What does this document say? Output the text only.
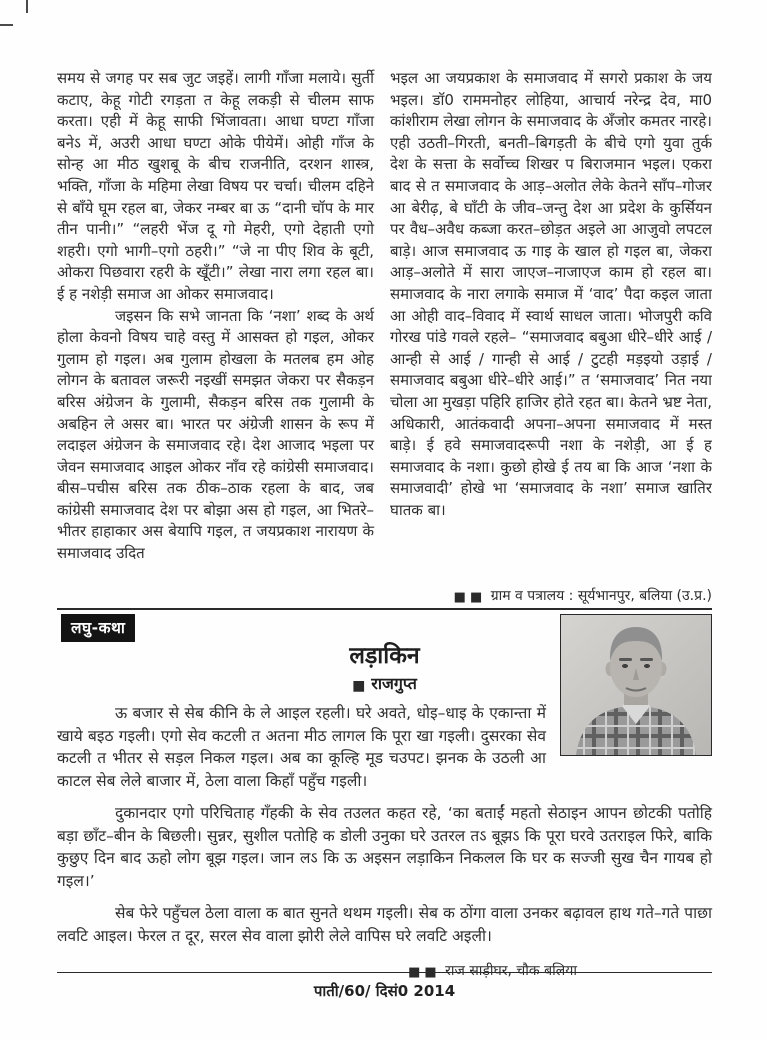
समय से जगह पर सब जुट जइहें। लागी गाँजा मलाये। सुर्ती कटाए, केहू गोटी रगड़ता त केहू लकड़ी से चीलम साफ करता। एही में केहू साफी भिंजावता। आधा घण्टा गाँजा बनेऽ में, अउरी आधा घण्टा ओके पीयेमें। ओही गाँज के सोन्ह आ मीठ खुशबू के बीच राजनीति, दरशन शास्त्र, भक्ति, गाँजा के महिमा लेखा विषय पर चर्चा। चीलम दहिने से बाँये घूम रहल बा, जेकर नम्बर बा ऊ “दानी चॉप के मार तीन पानी।” “लहरी भेंज दू गो मेहरी, एगो देहाती एगो शहरी। एगो भागी–एगो ठहरी।” “जे ना पीए शिव के बूटी, ओकरा पिछवारा रहरी के खूँटी।” लेखा नारा लगा रहल बा। ई ह नशेड़ी समाज आ ओकर समाजवाद।

जइसन कि सभे जानता कि ‘नशा’ शब्द के अर्थ होला केवनो विषय चाहे वस्तु में आसक्त हो गइल, ओकर गुलाम हो गइल। अब गुलाम होखला के मतलब हम ओह लोगन के बतावल जरूरी नइखीं समझत जेकरा पर सैकड़न बरिस अंग्रेजन के गुलामी, सैकड़न बरिस तक गुलामी के अबहिन ले असर बा। भारत पर अंग्रेजी शासन के रूप में लदाइल अंग्रेजन के समाजवाद रहे। देश आजाद भइला पर जेवन समाजवाद आइल ओकर नाँव रहे कांग्रेसी समाजवाद। बीस–पचीस बरिस तक ठीक–ठाक रहला के बाद, जब कांग्रेसी समाजवाद देश पर बोझा अस हो गइल, आ भितरे–भीतर हाहाकार अस बेयापि गइल, त जयप्रकाश नारायण के समाजवाद उदित

भइल आ जयप्रकाश के समाजवाद में सगरो प्रकाश के जय भइल। डॉ0 राममनोहर लोहिया, आचार्य नरेन्द्र देव, मा0 कांशीराम लेखा लोगन के समाजवाद के अँजोर कमतर नारहे। एही उठती–गिरती, बनती–बिगड़ती के बीचे एगो युवा तुर्क देश के सत्ता के सर्वोच्च शिखर प बिराजमान भइल। एकरा बाद से त समाजवाद के आड़–अलोत लेके केतने साँप–गोजर आ बेरीढ़, बे घाँटी के जीव–जन्तु देश आ प्रदेश के कुर्सियन पर वैध–अवैध कब्जा करत–छोड़त अइले आ आजुवो लपटल बाड़े। आज समाजवाद ऊ गाइ के खाल हो गइल बा, जेकरा आड़–अलोते में सारा जाएज–नाजाएज काम हो रहल बा। समाजवाद के नारा लगाके समाज में ‘वाद’ पैदा कइल जाता आ ओही वाद–विवाद में स्वार्थ साधल जाता। भोजपुरी कवि गोरख पांडे गवले रहले– “समाजवाद बबुआ धीरे–धीरे आई / आन्ही से आई / गान्ही से आई / टुटही मड़इयो उड़ाई / समाजवाद बबुआ धीरे–धीरे आई।” त ‘समाजवाद’ नित नया चोला आ मुखड़ा पहिरि हाजिर होते रहत बा। केतने भ्रष्ट नेता, अधिकारी, आतंकवादी अपना–अपना समाजवाद में मस्त बाड़े। ई हवे समाजवादरूपी नशा के नशेड़ी, आ ई ह समाजवाद के नशा। कुछो होखे ई तय बा कि आज ‘नशा के समाजवादी’ होखे भा ‘समाजवाद के नशा’ समाज खातिर घातक बा।

■ ■ ग्राम व पत्रालय : सूर्यभानपुर, बलिया (उ.प्र.)
लघु-कथा
लड़ाकिन
■ राजगुप्त

ऊ बजार से सेब कीनि के ले आइल रहली। घरे अवते, धोइ–धाइ के एकान्ता में खाये बइठ गइली। एगो सेव कटली त अतना मीठ लागल कि पूरा खा गइली। दुसरका सेव कटली त भीतर से सड़ल निकल गइल। अब का कूल्हि मूड चउपट। झनक के उठली आ काटल सेब लेले बाजार में, ठेला वाला किहाँ पहुँच गइली।

दुकानदार एगो परिचिताह गँहकी के सेव तउलत कहत रहे, ‘का बताईं महतो सेठाइन आपन छोटकी पतोहि बड़ा छाँट–बीन के बिछली। सुन्नर, सुशील पतोहि क डोली उनुका घरे उतरल तऽ बूझऽ कि पूरा घरवे उतराइल फिरे, बाकि कुछुए दिन बाद ऊहो लोग बूझ गइल। जान लऽ कि ऊ अइसन लड़ाकिन निकलल कि घर क सज्जी सुख चैन गायब हो गइल।’

सेब फेरे पहुँचल ठेला वाला क बात सुनते थथम गइली। सेब क ठोंगा वाला उनकर बढ़ावल हाथ गते–गते पाछा लवटि आइल। फेरल त दूर, सरल सेव वाला झोरी लेले वापिस घरे लवटि अइली।

■ ■ राज साड़ीघर, चौक बलिया
पाती/60/ दिसं0 2014
